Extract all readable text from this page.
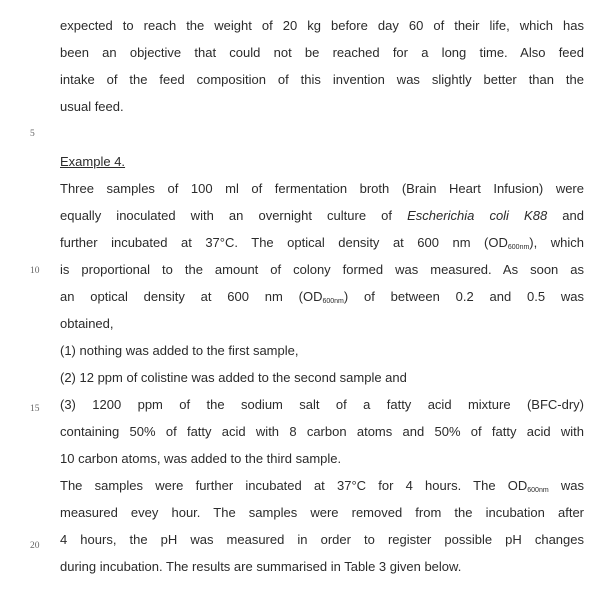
5
10
15
20
expected to reach the weight of 20 kg before day 60 of their life, which has
been an objective that could not be reached for a long time. Also feed
intake of the feed composition of this invention was slightly better than the
usual feed.
Example 4.
Three samples of 100 ml of fermentation broth (Brain Heart Infusion) were
equally inoculated with an overnight culture of Escherichia coli K88 and
further incubated at 37°C. The optical density at 600 nm $(OD_{600nm})$, which
is proportional to the amount of colony formed was measured. As soon as
an optical density at 600 nm $(OD_{600nm})$ of between 0.2 and 0.5 was
obtained,
(1) nothing was added to the first sample,
(2) 12 ppm of colistine was added to the second sample and
(3) 1200 ppm of the sodium salt of a fatty acid mixture (BFC-dry)
containing 50% of fatty acid with 8 carbon atoms and 50% of fatty acid with
10 carbon atoms, was added to the third sample.
The samples were further incubated at 37°C for 4 hours. The $OD_{600nm}$ was
measured evey hour. The samples were removed from the incubation after
4 hours, the pH was measured in order to register possible pH changes
during incubation. The results are summarised in Table 3 given below.
